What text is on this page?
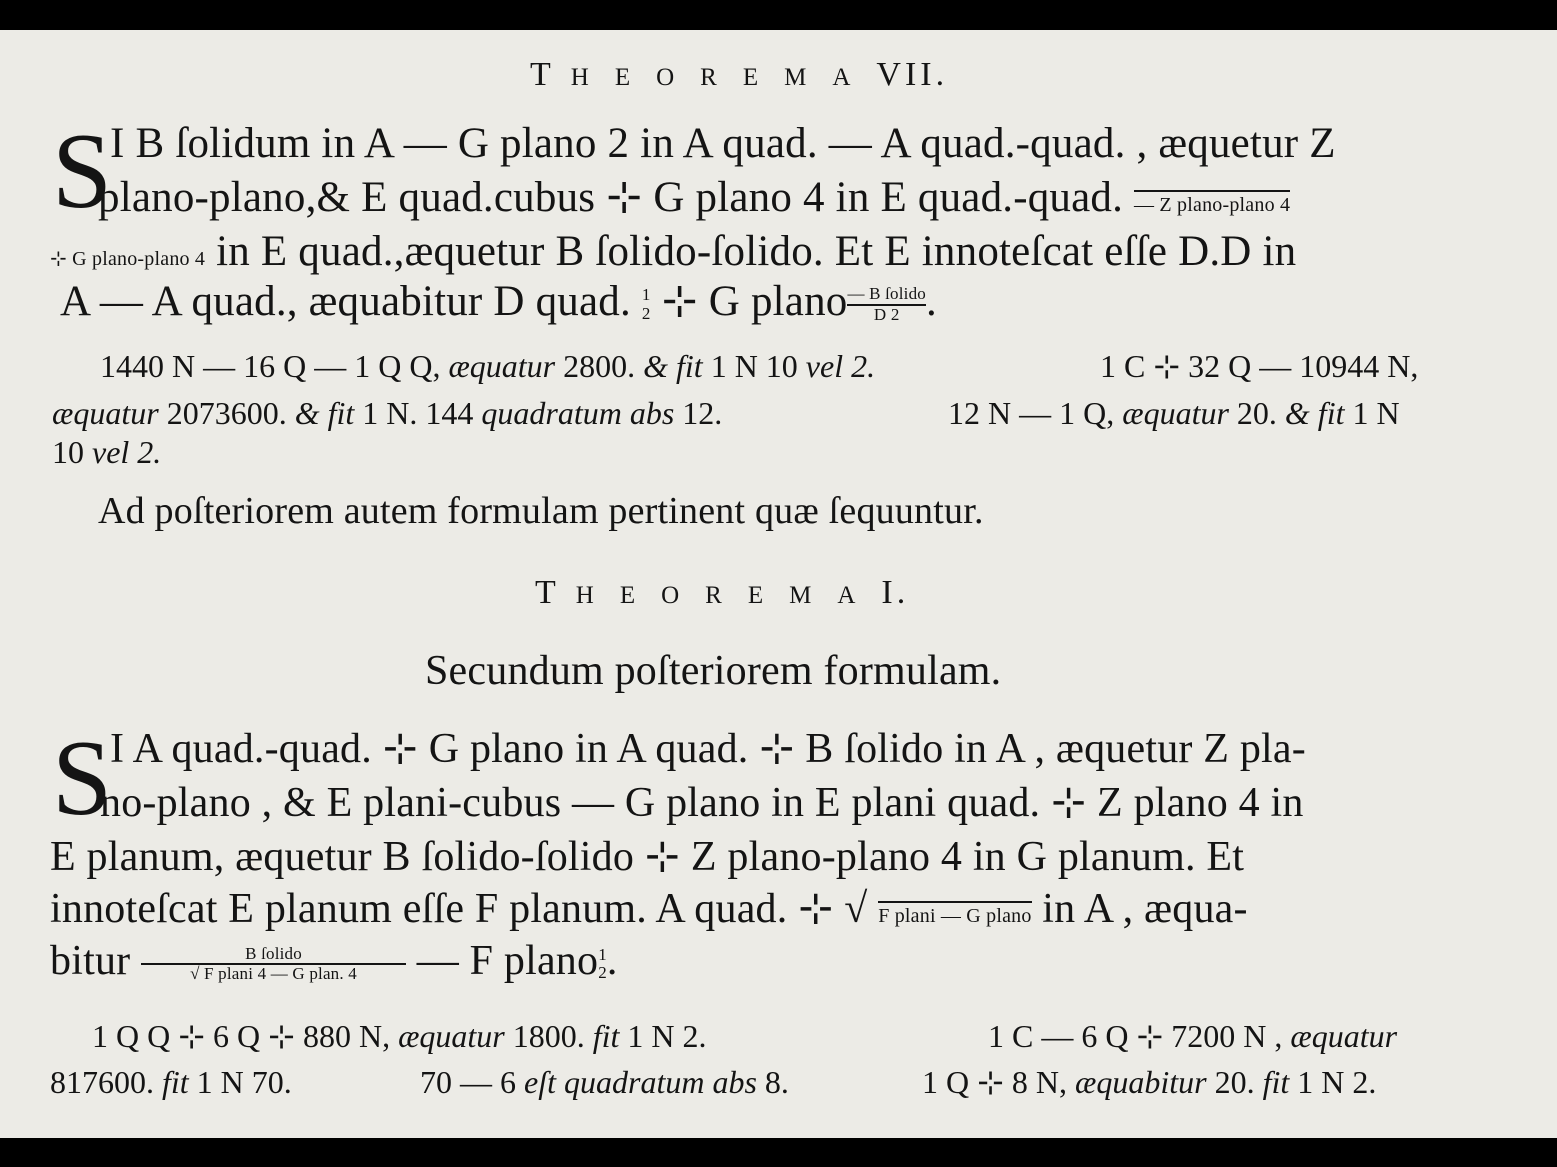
THEOREMAVII.
S
I B ſolidum in A — G plano 2 in A quad. — A quad.-quad. , æquetur Z
plano-plano,& E quad.cubus ⊹ G plano 4 in E quad.-quad. — Z plano-plano 4
⊹ G plano-plano 4 in E quad.,æquetur B ſolido-ſolido. Et E innoteſcat eſſe D.D in
A — A quad., æquabitur D quad. 1
2 ⊹ G plano $\frac{\text{— B ſolido}}{D 2}$ .
1440 N — 16 Q — 1 Q Q, æquatur 2800. & fit 1 N 10 vel 2.	1 C ⊹ 32 Q — 10944 N,
æquatur 2073600. & fit 1 N. 144 quadratum abs 12.	12 N — 1 Q, æquatur 20. & fit 1 N
10 vel 2.
Ad poſteriorem autem formulam pertinent quæ ſequuntur.
THEOREMAI.
Secundum poſteriorem formulam.
S
I A quad.-quad. ⊹ G plano in A quad. ⊹ B ſolido in A , æquetur Z pla-
no-plano , & E plani-cubus — G plano in E plani quad. ⊹ Z plano 4 in
E planum, æquetur B ſolido-ſolido ⊹ Z plano-plano 4 in G planum. Et
innoteſcat E planum eſſe F planum. A quad. ⊹ √ F plani — G plano in A , æqua-
bitur $\frac{\text{B ſolido}}{\text{√ F plani 4 — G plan. 4}}$ — F plano 1
2 .
1 Q Q ⊹ 6 Q ⊹ 880 N, æquatur 1800. fit 1 N 2.	1 C — 6 Q ⊹ 7200 N , æquatur
817600. fit 1 N 70.	70 — 6 eſt quadratum abs 8.	1 Q ⊹ 8 N, æquabitur 20. fit 1 N 2.
